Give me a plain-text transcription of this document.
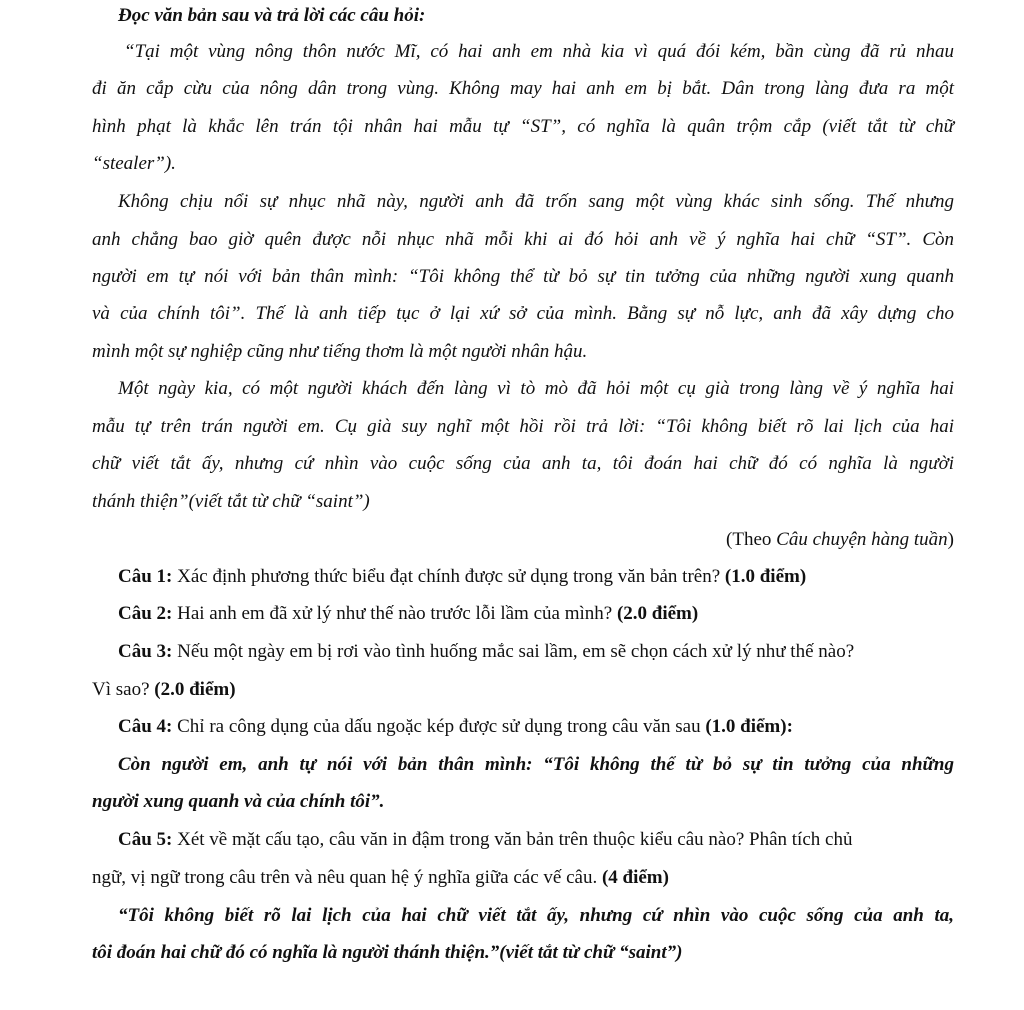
Đọc văn bản sau và trả lời các câu hỏi:
“Tại một vùng nông thôn nước Mĩ, có hai anh em nhà kia vì quá đói kém, bần cùng đã rủ nhau
đi ăn cắp cừu của nông dân trong vùng. Không may hai anh em bị bắt. Dân trong làng đưa ra một
hình phạt là khắc lên trán tội nhân hai mẫu tự “ST”, có nghĩa là quân trộm cắp (viết tắt từ chữ
“stealer”).
Không chịu nổi sự nhục nhã này, người anh đã trốn sang một vùng khác sinh sống. Thế nhưng
anh chẳng bao giờ quên được nỗi nhục nhã mỗi khi ai đó hỏi anh về ý nghĩa hai chữ “ST”. Còn
người em tự nói với bản thân mình: “Tôi không thể từ bỏ sự tin tưởng của những người xung quanh
và của chính tôi”. Thế là anh tiếp tục ở lại xứ sở của mình. Bằng sự nỗ lực, anh đã xây dựng cho
mình một sự nghiệp cũng như tiếng thơm là một người nhân hậu.
Một ngày kia, có một người khách đến làng vì tò mò đã hỏi một cụ già trong làng về ý nghĩa hai
mẫu tự trên trán người em. Cụ già suy nghĩ một hồi rồi trả lời: “Tôi không biết rõ lai lịch của hai
chữ viết tắt ấy, nhưng cứ nhìn vào cuộc sống của anh ta, tôi đoán hai chữ đó có nghĩa là người
thánh thiện”(viết tắt từ chữ “saint”)
(Theo Câu chuyện hàng tuần)
Câu 1: Xác định phương thức biểu đạt chính được sử dụng trong văn bản trên? (1.0 điểm)
Câu 2: Hai anh em đã xử lý như thế nào trước lỗi lầm của mình? (2.0 điểm)
Câu 3: Nếu một ngày em bị rơi vào tình huống mắc sai lầm, em sẽ chọn cách xử lý như thế nào?
Vì sao? (2.0 điểm)
Câu 4: Chỉ ra công dụng của dấu ngoặc kép được sử dụng trong câu văn sau (1.0 điểm):
Còn người em, anh tự nói với bản thân mình: “Tôi không thể từ bỏ sự tin tưởng của những
người xung quanh và của chính tôi”.
Câu 5: Xét về mặt cấu tạo, câu văn in đậm trong văn bản trên thuộc kiểu câu nào? Phân tích chủ
ngữ, vị ngữ trong câu trên và nêu quan hệ ý nghĩa giữa các vế câu. (4 điểm)
“Tôi không biết rõ lai lịch của hai chữ viết tắt ấy, nhưng cứ nhìn vào cuộc sống của anh ta,
tôi đoán hai chữ đó có nghĩa là người thánh thiện.”(viết tắt từ chữ “saint”)
